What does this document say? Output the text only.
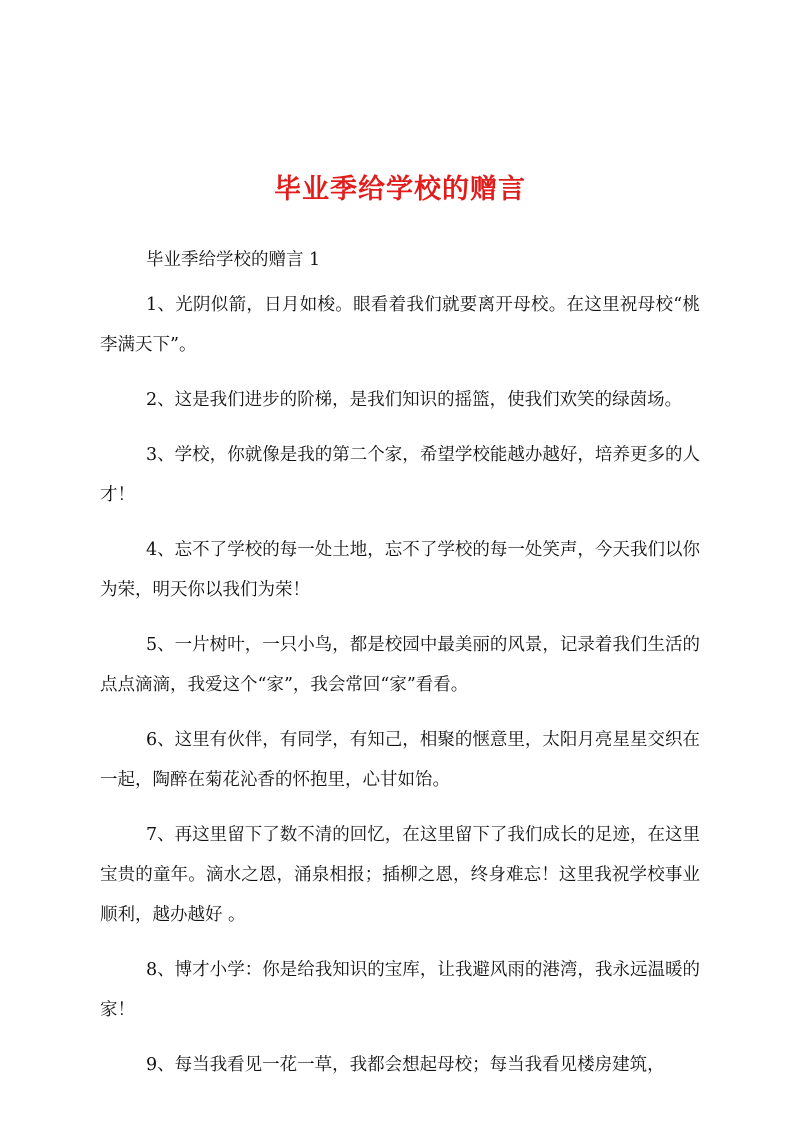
毕业季给学校的赠言

毕业季给学校的赠言 1

1、光阴似箭，日月如梭。眼看着我们就要离开母校。在这里祝母校“桃李满天下”。

2、这是我们进步的阶梯，是我们知识的摇篮，使我们欢笑的绿茵场。

3、学校，你就像是我的第二个家，希望学校能越办越好，培养更多的人才！

4、忘不了学校的每一处土地，忘不了学校的每一处笑声，今天我们以你为荣，明天你以我们为荣！

5、一片树叶，一只小鸟，都是校园中最美丽的风景，记录着我们生活的点点滴滴，我爱这个“家”，我会常回“家”看看。

6、这里有伙伴，有同学，有知己，相聚的惬意里，太阳月亮星星交织在一起，陶醉在菊花沁香的怀抱里，心甘如饴。

7、再这里留下了数不清的回忆，在这里留下了我们成长的足迹，在这里宝贵的童年。滴水之恩，涌泉相报；插柳之恩，终身难忘！这里我祝学校事业顺利，越办越好 。

8、博才小学：你是给我知识的宝库，让我避风雨的港湾，我永远温暖的家！

9、每当我看见一花一草，我都会想起母校；每当我看见楼房建筑，
